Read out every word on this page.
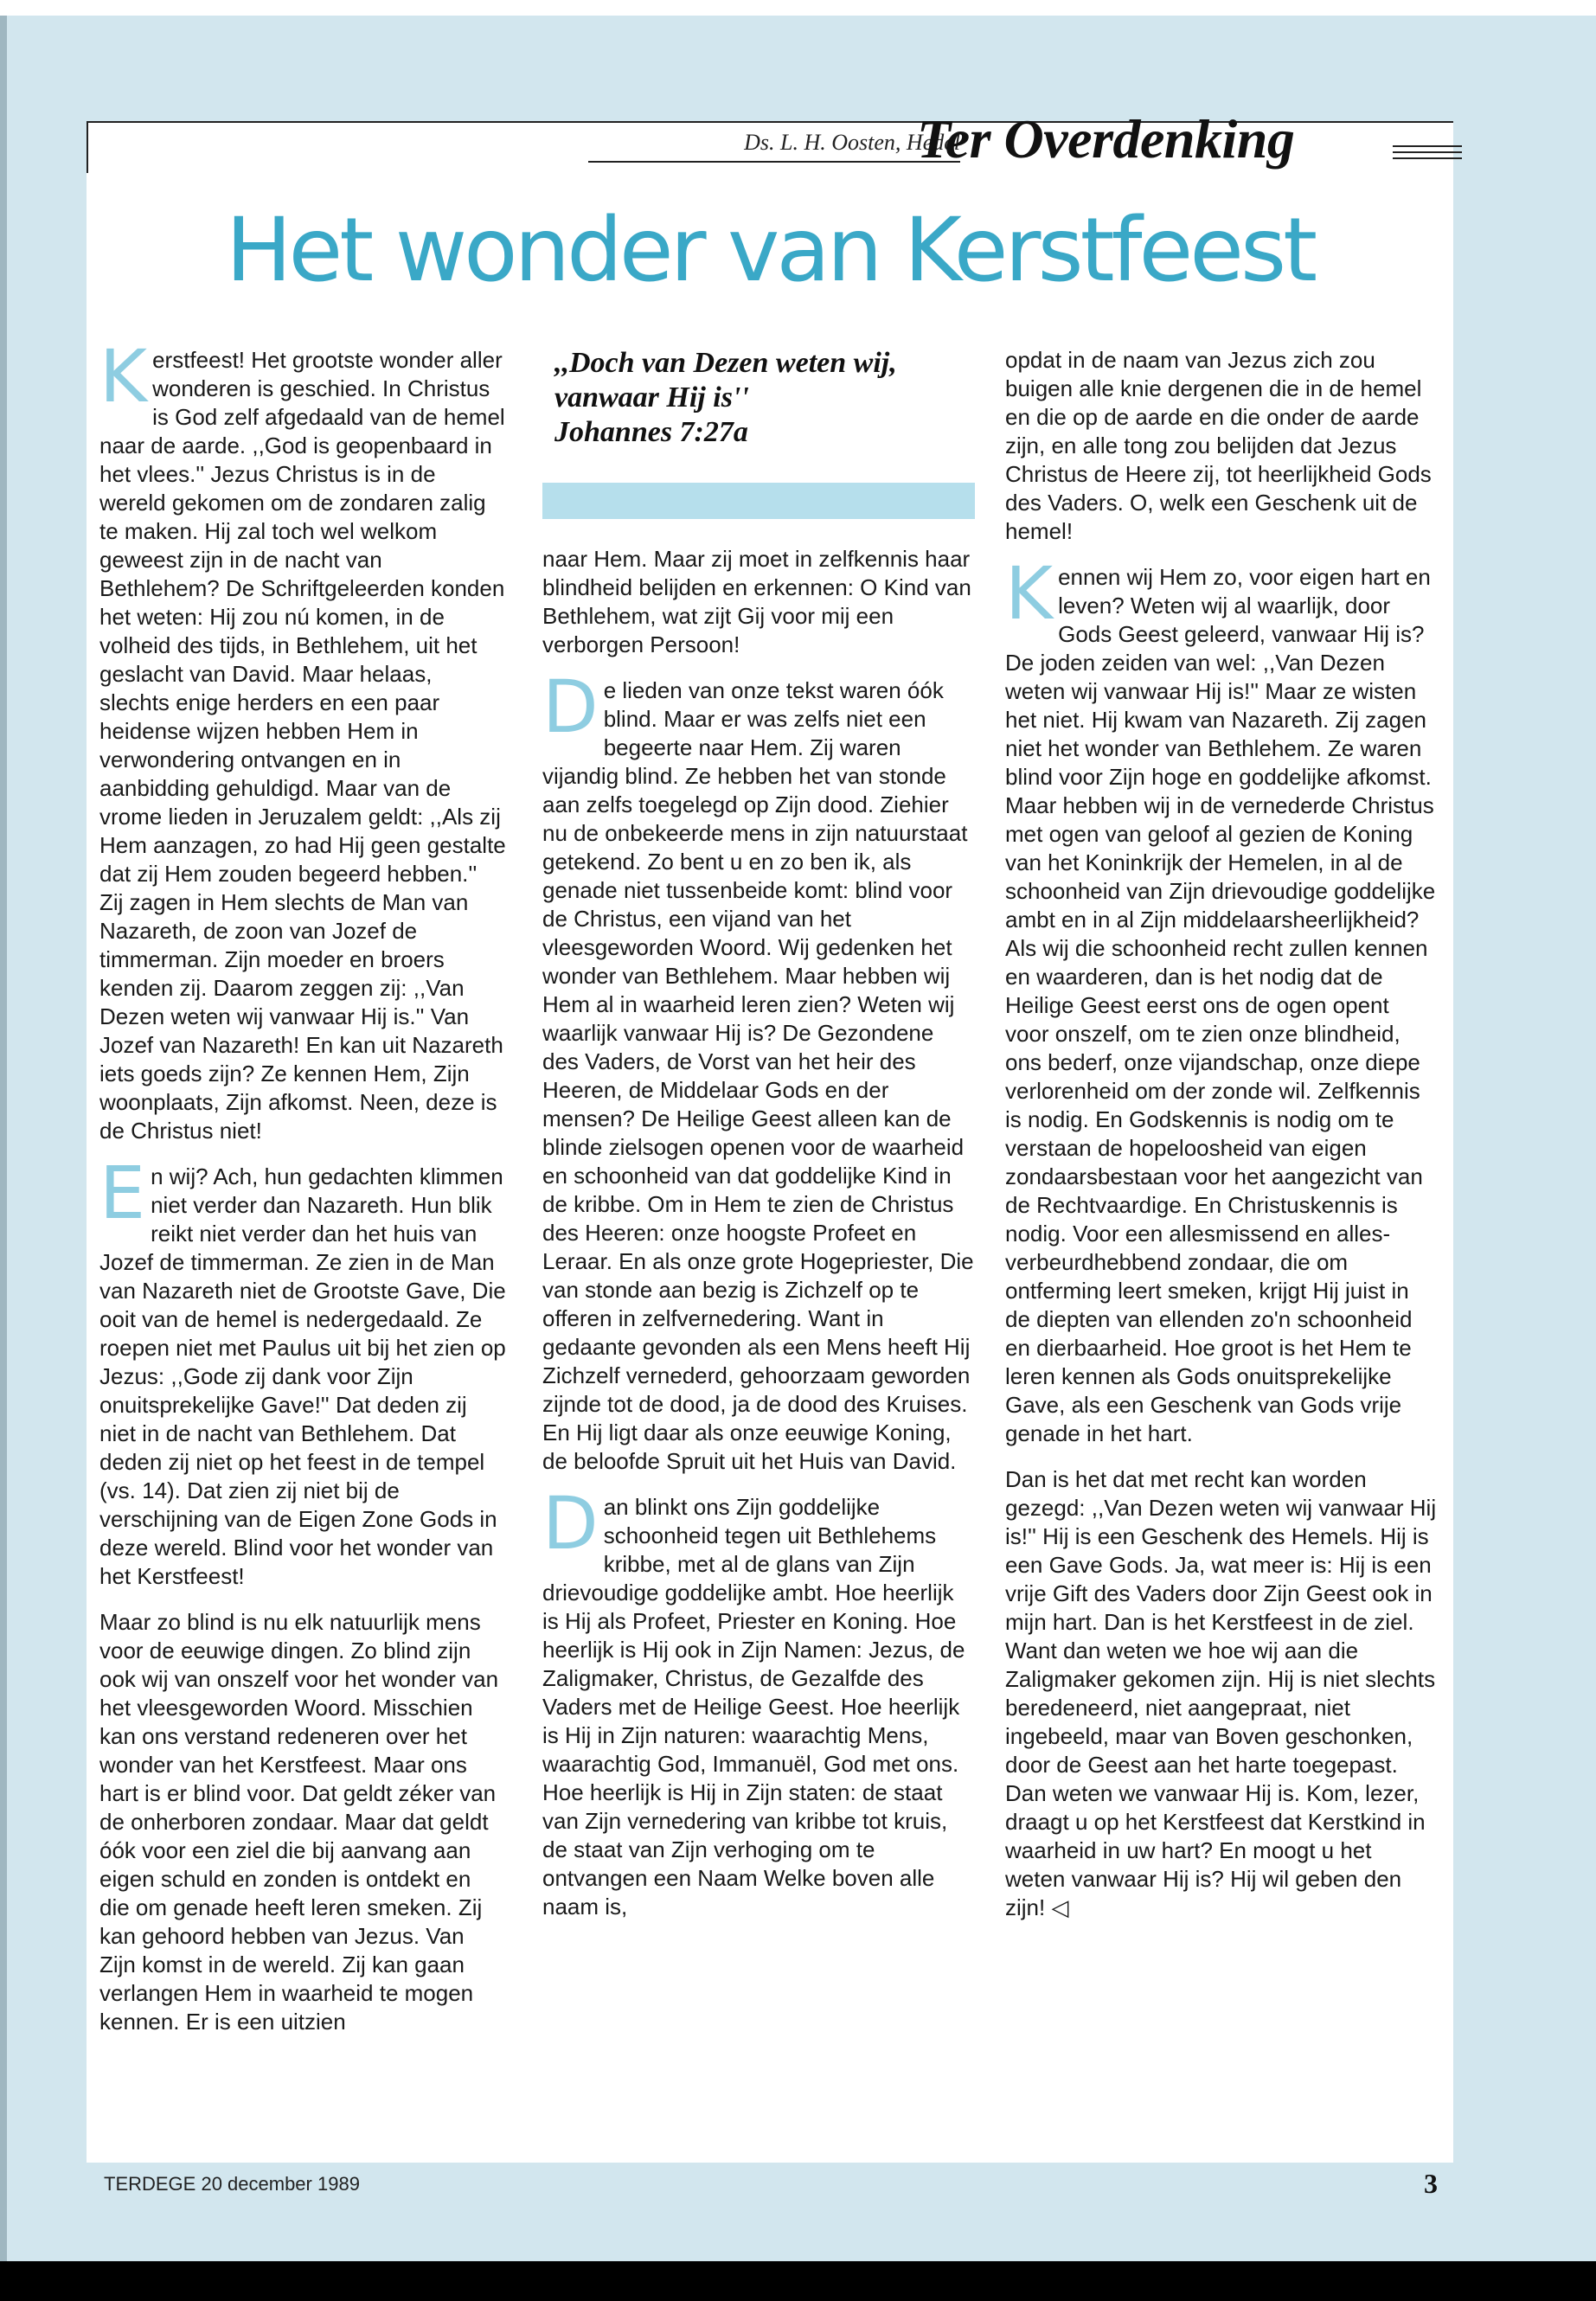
Ds. L. H. Oosten, Hedel
Ter Overdenking
Het wonder van Kerstfeest

Kerstfeest! Het grootste wonder aller wonderen is geschied. In Christus is God zelf afgedaald van de hemel naar de aarde. ,,God is geopenbaard in het vlees.'' Jezus Christus is in de wereld gekomen om de zondaren zalig te maken. Hij zal toch wel welkom geweest zijn in de nacht van Bethlehem? De Schriftgeleerden konden het weten: Hij zou nú komen, in de volheid des tijds, in Bethlehem, uit het geslacht van David. Maar helaas, slechts enige herders en een paar heidense wijzen hebben Hem in verwondering ontvangen en in aanbidding gehuldigd. Maar van de vrome lieden in Jeruzalem geldt: ,,Als zij Hem aanzagen, zo had Hij geen gestalte dat zij Hem zouden begeerd hebben.'' Zij zagen in Hem slechts de Man van Nazareth, de zoon van Jozef de timmerman. Zijn moeder en broers kenden zij. Daarom zeggen zij: ,,Van Dezen weten wij vanwaar Hij is.'' Van Jozef van Nazareth! En kan uit Nazareth iets goeds zijn? Ze kennen Hem, Zijn woonplaats, Zijn afkomst. Neen, deze is de Christus niet!

En wij? Ach, hun gedachten klimmen niet verder dan Nazareth. Hun blik reikt niet verder dan het huis van Jozef de timmerman. Ze zien in de Man van Nazareth niet de Grootste Gave, Die ooit van de hemel is nedergedaald. Ze roepen niet met Paulus uit bij het zien op Jezus: ,,Gode zij dank voor Zijn onuitsprekelijke Gave!'' Dat deden zij niet in de nacht van Bethlehem. Dat deden zij niet op het feest in de tempel (vs. 14). Dat zien zij niet bij de verschijning van de Eigen Zone Gods in deze wereld. Blind voor het wonder van het Kerstfeest!

Maar zo blind is nu elk natuurlijk mens voor de eeuwige dingen. Zo blind zijn ook wij van onszelf voor het wonder van het vleesgeworden Woord. Misschien kan ons verstand redeneren over het wonder van het Kerstfeest. Maar ons hart is er blind voor. Dat geldt zéker van de onherboren zondaar. Maar dat geldt óók voor een ziel die bij aanvang aan eigen schuld en zonden is ontdekt en die om genade heeft leren smeken. Zij kan gehoord hebben van Jezus. Van Zijn komst in de wereld. Zij kan gaan verlangen Hem in waarheid te mogen kennen. Er is een uitzien

,,Doch van Dezen weten wij,
vanwaar Hij is''
Johannes 7:27a

naar Hem. Maar zij moet in zelfkennis haar blindheid belijden en erkennen: O Kind van Bethlehem, wat zijt Gij voor mij een verborgen Persoon!

De lieden van onze tekst waren óók blind. Maar er was zelfs niet een begeerte naar Hem. Zij waren vijandig blind. Ze hebben het van stonde aan zelfs toegelegd op Zijn dood. Ziehier nu de onbekeerde mens in zijn natuurstaat getekend. Zo bent u en zo ben ik, als genade niet tussenbeide komt: blind voor de Christus, een vijand van het vleesgeworden Woord. Wij gedenken het wonder van Bethlehem. Maar hebben wij Hem al in waarheid leren zien? Weten wij waarlijk vanwaar Hij is? De Gezondene des Vaders, de Vorst van het heir des Heeren, de Middelaar Gods en der mensen? De Heilige Geest alleen kan de blinde zielsogen openen voor de waarheid en schoonheid van dat goddelijke Kind in de kribbe. Om in Hem te zien de Christus des Heeren: onze hoogste Profeet en Leraar. En als onze grote Hogepriester, Die van stonde aan bezig is Zichzelf op te offeren in zelfvernedering. Want in gedaante gevonden als een Mens heeft Hij Zichzelf vernederd, gehoorzaam geworden zijnde tot de dood, ja de dood des Kruises. En Hij ligt daar als onze eeuwige Koning, de beloofde Spruit uit het Huis van David.

Dan blinkt ons Zijn goddelijke schoonheid tegen uit Bethlehems kribbe, met al de glans van Zijn drievoudige goddelijke ambt. Hoe heerlijk is Hij als Profeet, Priester en Koning. Hoe heerlijk is Hij ook in Zijn Namen: Jezus, de Zaligmaker, Christus, de Gezalfde des Vaders met de Heilige Geest. Hoe heerlijk is Hij in Zijn naturen: waarachtig Mens, waarachtig God, Immanuël, God met ons. Hoe heerlijk is Hij in Zijn staten: de staat van Zijn vernedering van kribbe tot kruis, de staat van Zijn verhoging om te ontvangen een Naam Welke boven alle naam is,

opdat in de naam van Jezus zich zou buigen alle knie dergenen die in de hemel en die op de aarde en die onder de aarde zijn, en alle tong zou belijden dat Jezus Christus de Heere zij, tot heerlijkheid Gods des Vaders. O, welk een Geschenk uit de hemel!

Kennen wij Hem zo, voor eigen hart en leven? Weten wij al waarlijk, door Gods Geest geleerd, vanwaar Hij is? De joden zeiden van wel: ,,Van Dezen weten wij vanwaar Hij is!'' Maar ze wisten het niet. Hij kwam van Nazareth. Zij zagen niet het wonder van Bethlehem. Ze waren blind voor Zijn hoge en goddelijke afkomst. Maar hebben wij in de vernederde Christus met ogen van geloof al gezien de Koning van het Koninkrijk der Hemelen, in al de schoonheid van Zijn drievoudige goddelijke ambt en in al Zijn middelaarsheerlijkheid? Als wij die schoonheid recht zullen kennen en waarderen, dan is het nodig dat de Heilige Geest eerst ons de ogen opent voor onszelf, om te zien onze blindheid, ons bederf, onze vijandschap, onze diepe verlorenheid om der zonde wil. Zelfkennis is nodig. En Godskennis is nodig om te verstaan de hopeloosheid van eigen zondaarsbestaan voor het aangezicht van de Rechtvaardige. En Christuskennis is nodig. Voor een allesmissend en alles-verbeurdhebbend zondaar, die om ontferming leert smeken, krijgt Hij juist in de diepten van ellenden zo'n schoonheid en dierbaarheid. Hoe groot is het Hem te leren kennen als Gods onuitsprekelijke Gave, als een Geschenk van Gods vrije genade in het hart.

Dan is het dat met recht kan worden gezegd: ,,Van Dezen weten wij vanwaar Hij is!'' Hij is een Geschenk des Hemels. Hij is een Gave Gods. Ja, wat meer is: Hij is een vrije Gift des Vaders door Zijn Geest ook in mijn hart. Dan is het Kerstfeest in de ziel. Want dan weten we hoe wij aan die Zaligmaker gekomen zijn. Hij is niet slechts beredeneerd, niet aangepraat, niet ingebeeld, maar van Boven geschonken, door de Geest aan het harte toegepast. Dan weten we vanwaar Hij is. Kom, lezer, draagt u op het Kerstfeest dat Kerstkind in waarheid in uw hart? En moogt u het weten vanwaar Hij is? Hij wil geben den zijn! ◁

TERDEGE 20 december 1989	3
